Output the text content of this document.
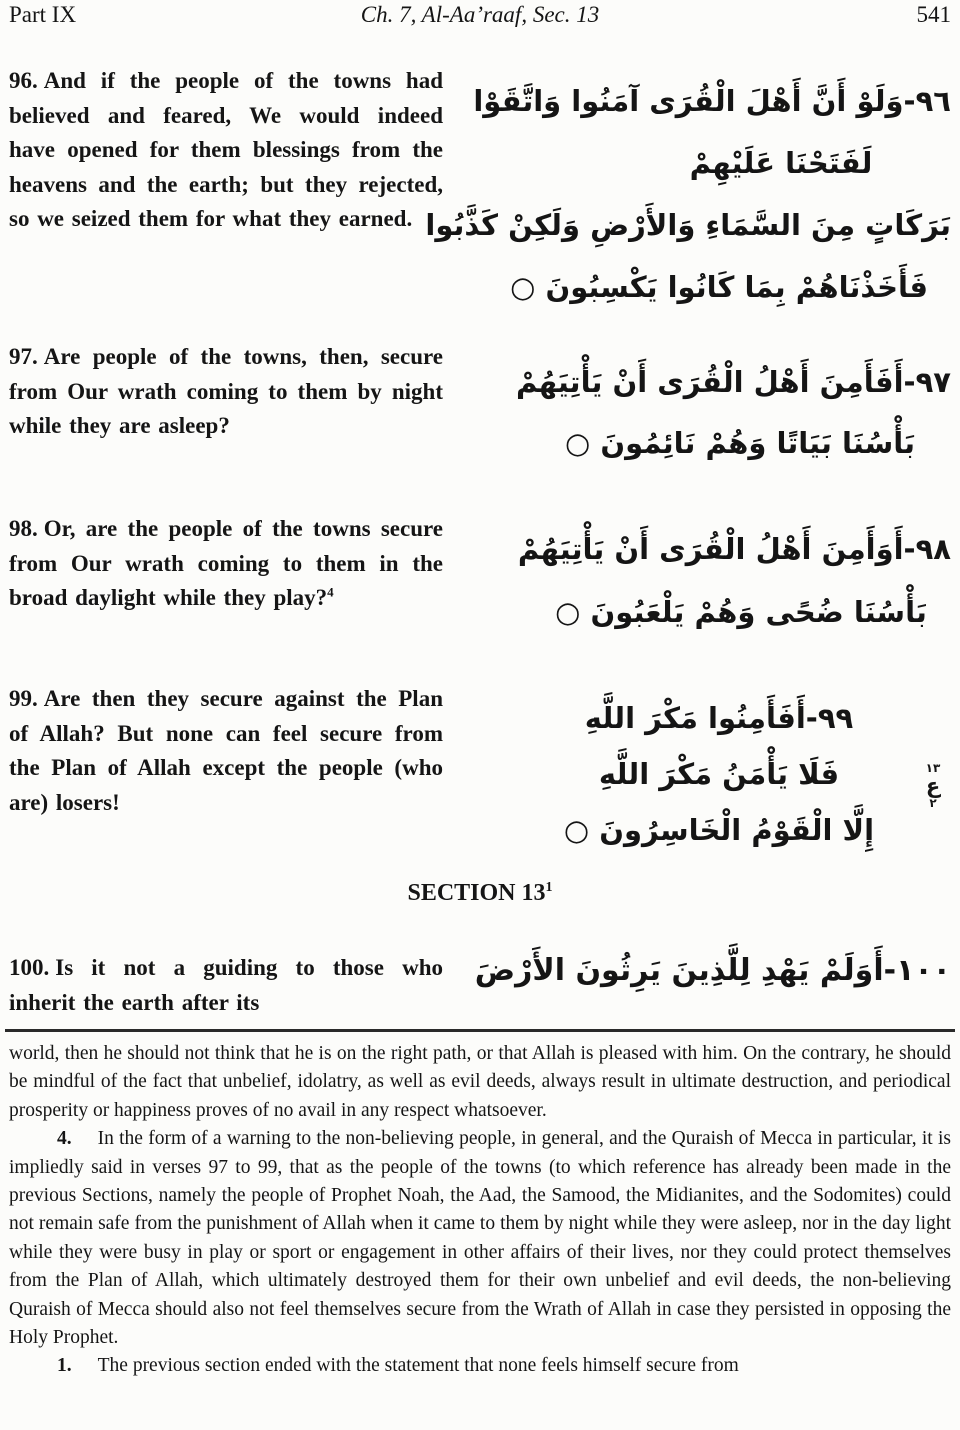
Part IX	Ch. 7, Al-Aa’raaf, Sec. 13	541

96. And if the people of the towns had believed and feared, We would indeed have opened for them blessings from the heavens and the earth; but they rejected, so we seized them for what they earned.

٩٦-وَلَوْ أَنَّ أَهْلَ الْقُرَى آمَنُوا وَاتَّقَوْا
لَفَتَحْنَا عَلَيْهِمْ
بَرَكَاتٍ مِنَ السَّمَاءِ وَالأَرْضِ وَلَكِنْ كَذَّبُوا
فَأَخَذْنَاهُمْ بِمَا كَانُوا يَكْسِبُونَ ○

97. Are people of the towns, then, secure from Our wrath coming to them by night while they are asleep?

٩٧-أَفَأَمِنَ أَهْلُ الْقُرَى أَنْ يَأْتِيَهُمْ
بَأْسُنَا بَيَاتًا وَهُمْ نَائِمُونَ ○

98. Or, are the people of the towns secure from Our wrath coming to them in the broad daylight while they play?$^4$

٩٨-أَوَأَمِنَ أَهْلُ الْقُرَى أَنْ يَأْتِيَهُمْ
بَأْسُنَا ضُحًى وَهُمْ يَلْعَبُونَ ○

99. Are then they secure against the Plan of Allah? But none can feel secure from the Plan of Allah except the people (who are) losers!

٩٩-أَفَأَمِنُوا مَكْرَ اللَّهِ
فَلَا يَأْمَنُ مَكْرَ اللَّهِ
إِلَّا الْقَوْمُ الْخَاسِرُونَ ○
١٣
ع
٢
SECTION $13^1$

100. Is it not a guiding to those who inherit the earth after its

١٠٠-أَوَلَمْ يَهْدِ لِلَّذِينَ يَرِثُونَ الأَرْضَ

world, then he should not think that he is on the right path, or that Allah is pleased with him. On the contrary, he should be mindful of the fact that unbelief, idolatry, as well as evil deeds, always result in ultimate destruction, and periodical prosperity or happiness proves of no avail in any respect whatsoever.

4. In the form of a warning to the non-believing people, in general, and the Quraish of Mecca in particular, it is impliedly said in verses 97 to 99, that as the people of the towns (to which reference has already been made in the previous Sections, namely the people of Prophet Noah, the Aad, the Samood, the Midianites, and the Sodomites) could not remain safe from the punishment of Allah when it came to them by night while they were asleep, nor in the day light while they were busy in play or sport or engagement in other affairs of their lives, nor they could protect themselves from the Plan of Allah, which ultimately destroyed them for their own unbelief and evil deeds, the non-believing Quraish of Mecca should also not feel themselves secure from the Wrath of Allah in case they persisted in opposing the Holy Prophet.

1. The previous section ended with the statement that none feels himself secure from
